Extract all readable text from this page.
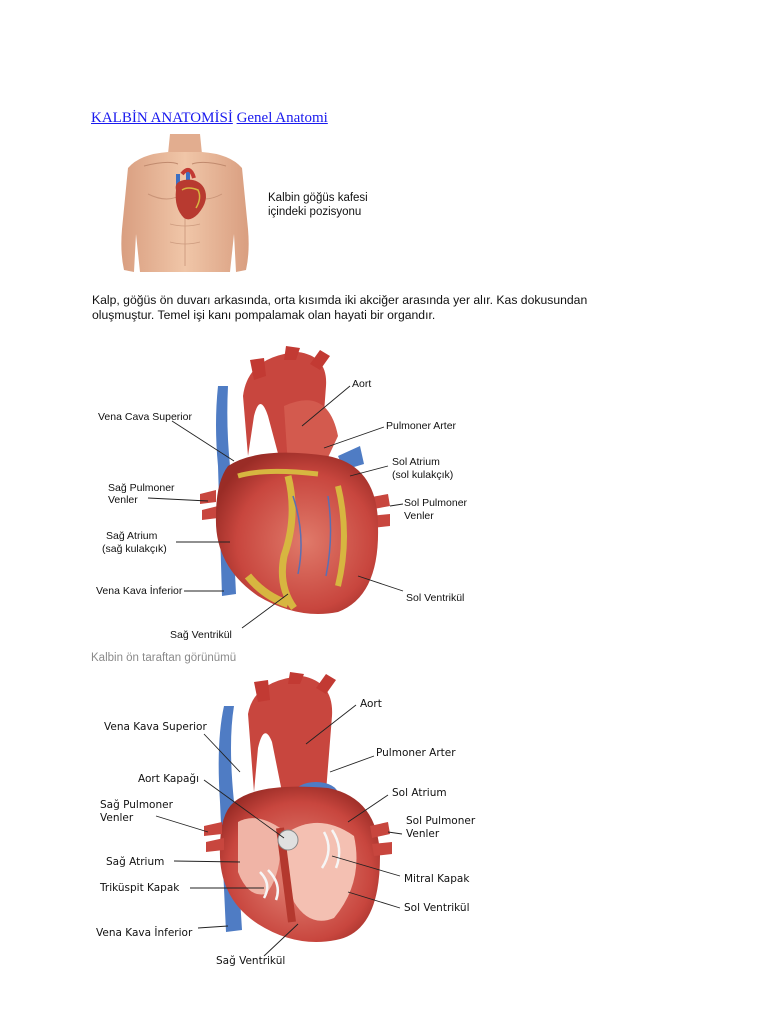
KALBİN ANATOMİSİ Genel Anatomi
Kalbin göğüs kafesi
içindeki pozisyonu
Kalp, göğüs ön duvarı arkasında, orta kısımda iki akciğer arasında yer alır. Kas dokusundan
oluşmuştur. Temel işi kanı pompalamak olan hayati bir organdır.
Aort
Vena Cava Superior
Pulmoner Arter
Sol Atrium
(sol kulakçık)
Sağ Pulmoner
Venler	Sol Pulmoner
Venler
Sağ Atrium
(sağ kulakçık)
Vena Kava İnferior
Sol Ventrikül
Sağ Ventrikül
Kalbin ön taraftan görünümü
Aort
Vena Kava Superior
Pulmoner Arter
Aort Kapağı
Sol Atrium
Sağ Pulmoner
Venler	Sol Pulmoner
Venler
Sağ Atrium
Mitral Kapak
Triküspit Kapak
Sol Ventrikül
Vena Kava İnferior
Sağ Ventrikül
